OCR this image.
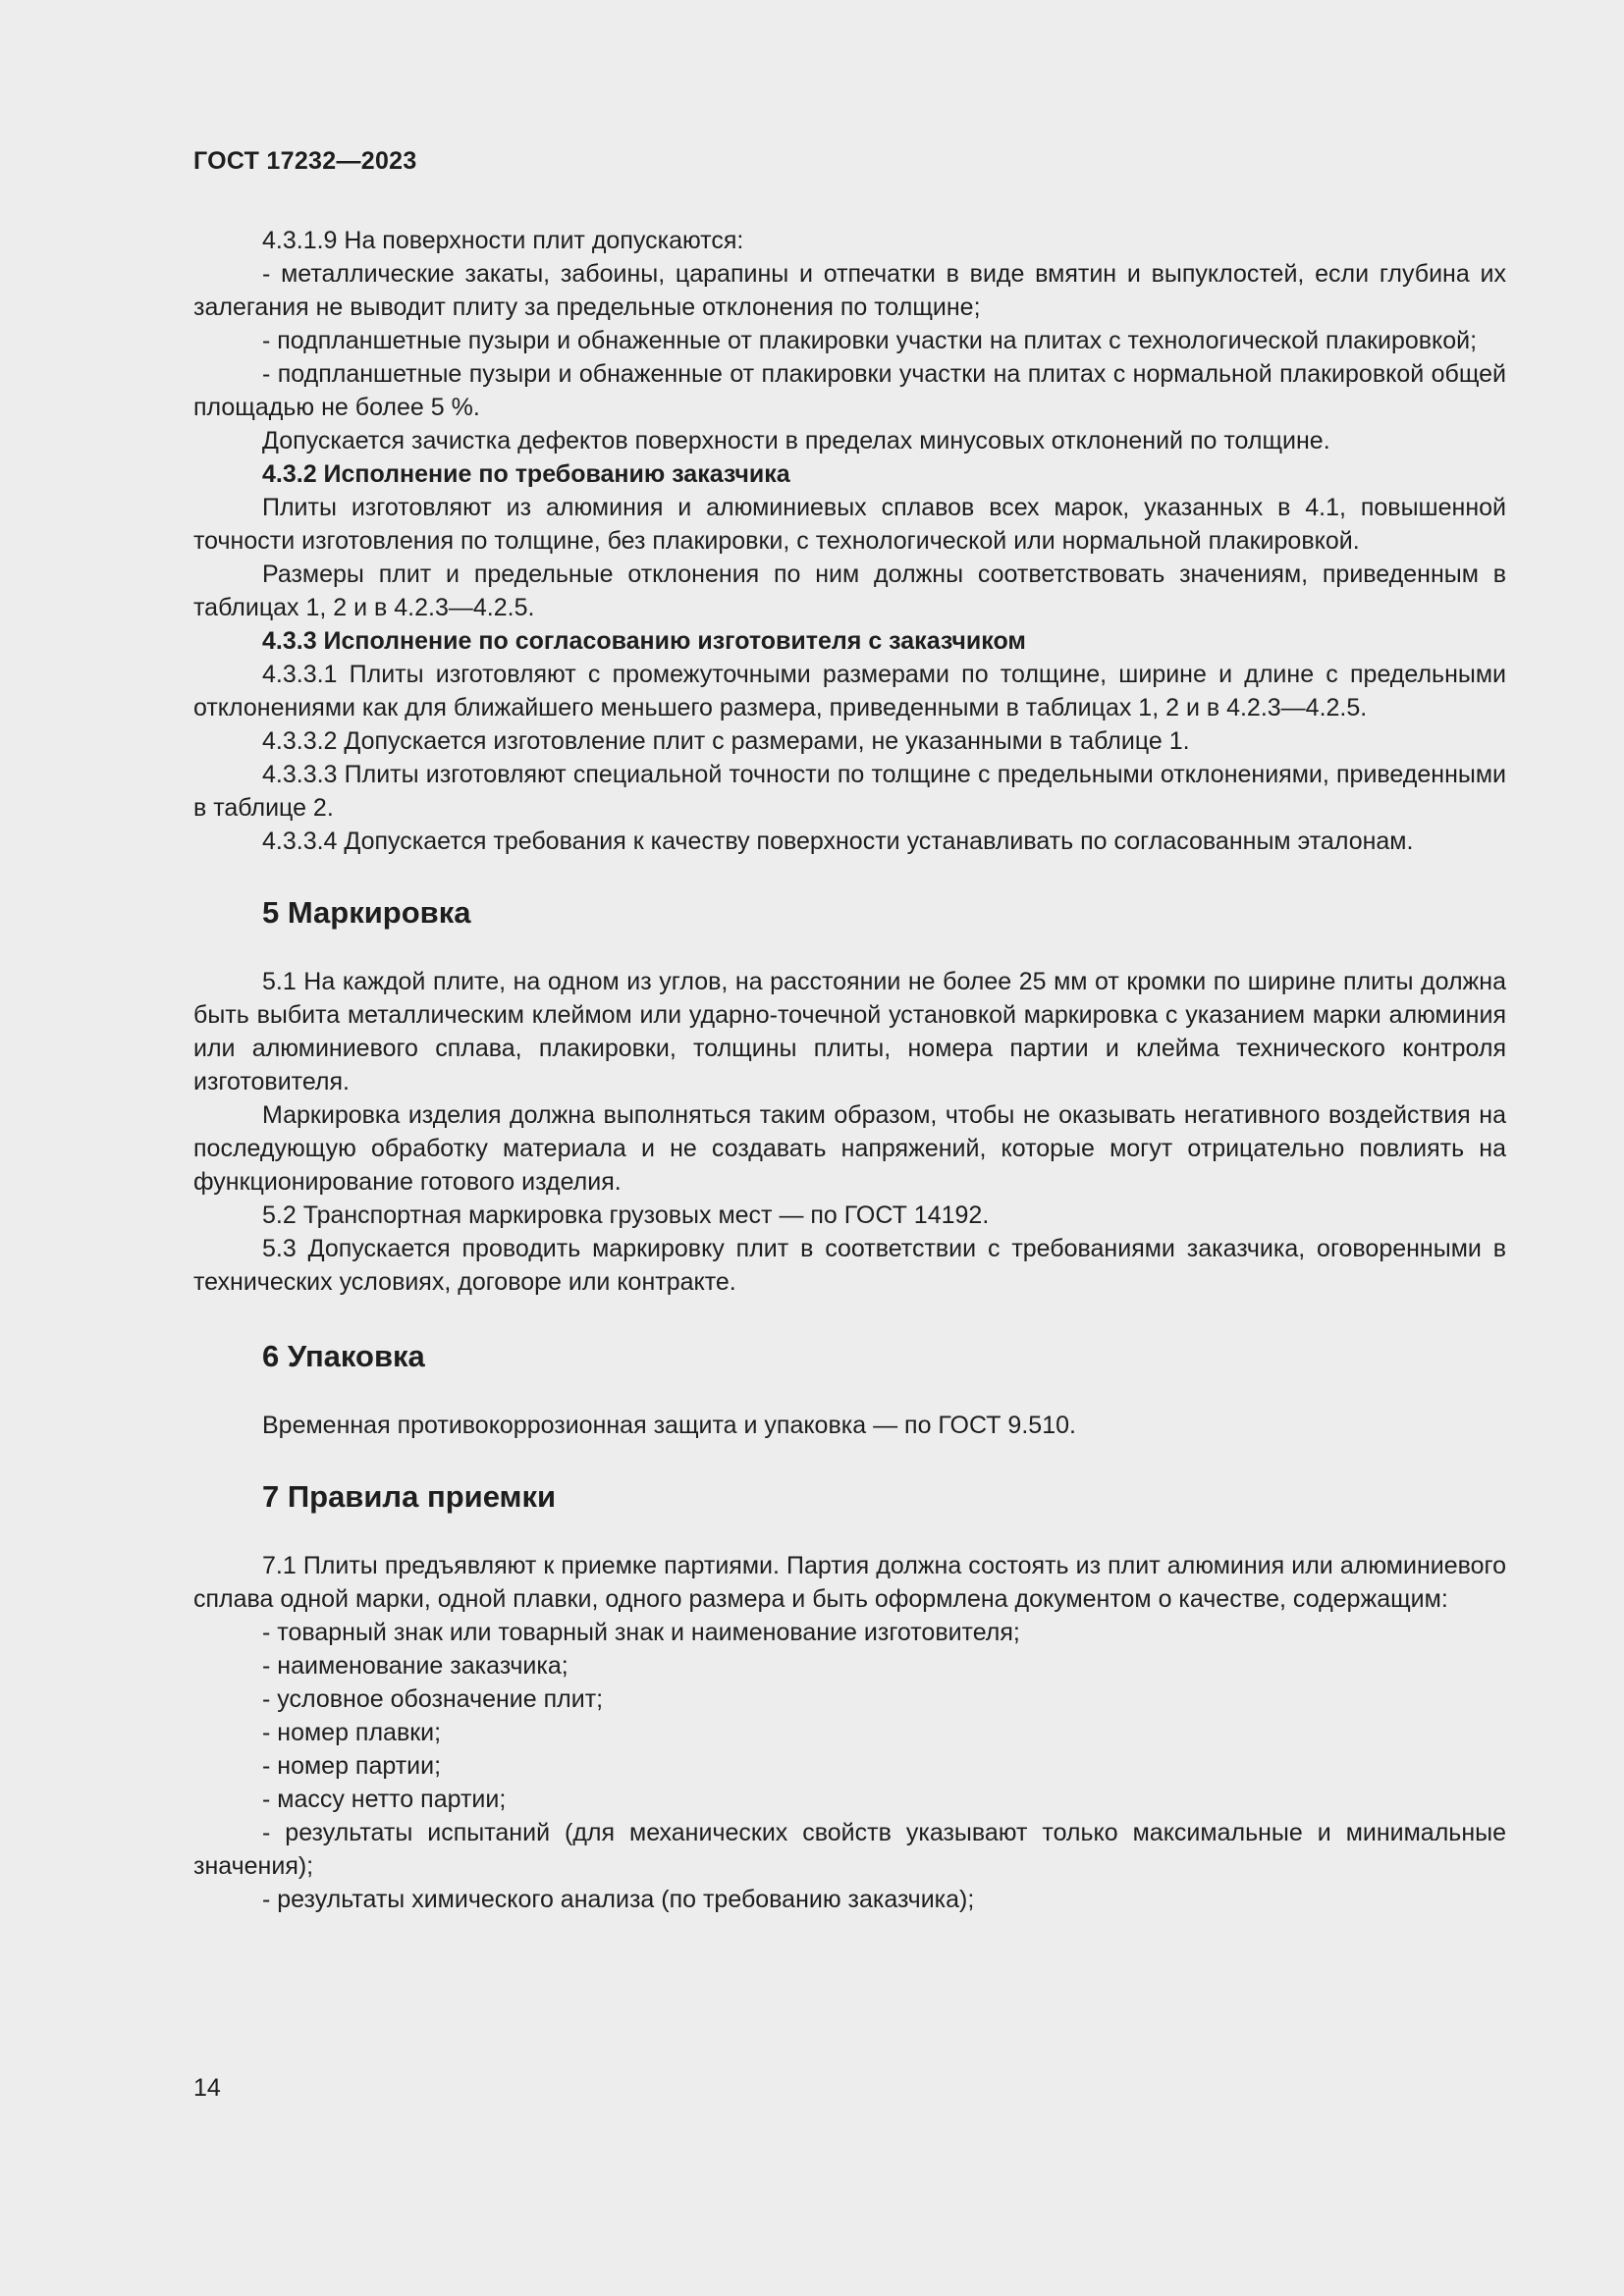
ГОСТ 17232—2023

4.3.1.9 На поверхности плит допускаются:

- металлические закаты, забоины, царапины и отпечатки в виде вмятин и выпуклостей, если глубина их залегания не выводит плиту за предельные отклонения по толщине;

- подпланшетные пузыри и обнаженные от плакировки участки на плитах с технологической плакировкой;

- подпланшетные пузыри и обнаженные от плакировки участки на плитах с нормальной плакировкой общей площадью не более 5 %.

Допускается зачистка дефектов поверхности в пределах минусовых отклонений по толщине.

4.3.2 Исполнение по требованию заказчика

Плиты изготовляют из алюминия и алюминиевых сплавов всех марок, указанных в 4.1, повышенной точности изготовления по толщине, без плакировки, с технологической или нормальной плакировкой.

Размеры плит и предельные отклонения по ним должны соответствовать значениям, приведенным в таблицах 1, 2 и в 4.2.3—4.2.5.

4.3.3 Исполнение по согласованию изготовителя с заказчиком

4.3.3.1 Плиты изготовляют с промежуточными размерами по толщине, ширине и длине с предельными отклонениями как для ближайшего меньшего размера, приведенными в таблицах 1, 2 и в 4.2.3—4.2.5.

4.3.3.2 Допускается изготовление плит с размерами, не указанными в таблице 1.

4.3.3.3 Плиты изготовляют специальной точности по толщине с предельными отклонениями, приведенными в таблице 2.

4.3.3.4 Допускается требования к качеству поверхности устанавливать по согласованным эталонам.

5 Маркировка

5.1 На каждой плите, на одном из углов, на расстоянии не более 25 мм от кромки по ширине плиты должна быть выбита металлическим клеймом или ударно-точечной установкой маркировка с указанием марки алюминия или алюминиевого сплава, плакировки, толщины плиты, номера партии и клейма технического контроля изготовителя.

Маркировка изделия должна выполняться таким образом, чтобы не оказывать негативного воздействия на последующую обработку материала и не создавать напряжений, которые могут отрицательно повлиять на функционирование готового изделия.

5.2 Транспортная маркировка грузовых мест — по ГОСТ 14192.

5.3 Допускается проводить маркировку плит в соответствии с требованиями заказчика, оговоренными в технических условиях, договоре или контракте.

6 Упаковка

Временная противокоррозионная защита и упаковка — по ГОСТ 9.510.

7 Правила приемки

7.1 Плиты предъявляют к приемке партиями. Партия должна состоять из плит алюминия или алюминиевого сплава одной марки, одной плавки, одного размера и быть оформлена документом о качестве, содержащим:

- товарный знак или товарный знак и наименование изготовителя;

- наименование заказчика;

- условное обозначение плит;

- номер плавки;

- номер партии;

- массу нетто партии;

- результаты испытаний (для механических свойств указывают только максимальные и минимальные значения);

- результаты химического анализа (по требованию заказчика);

14
